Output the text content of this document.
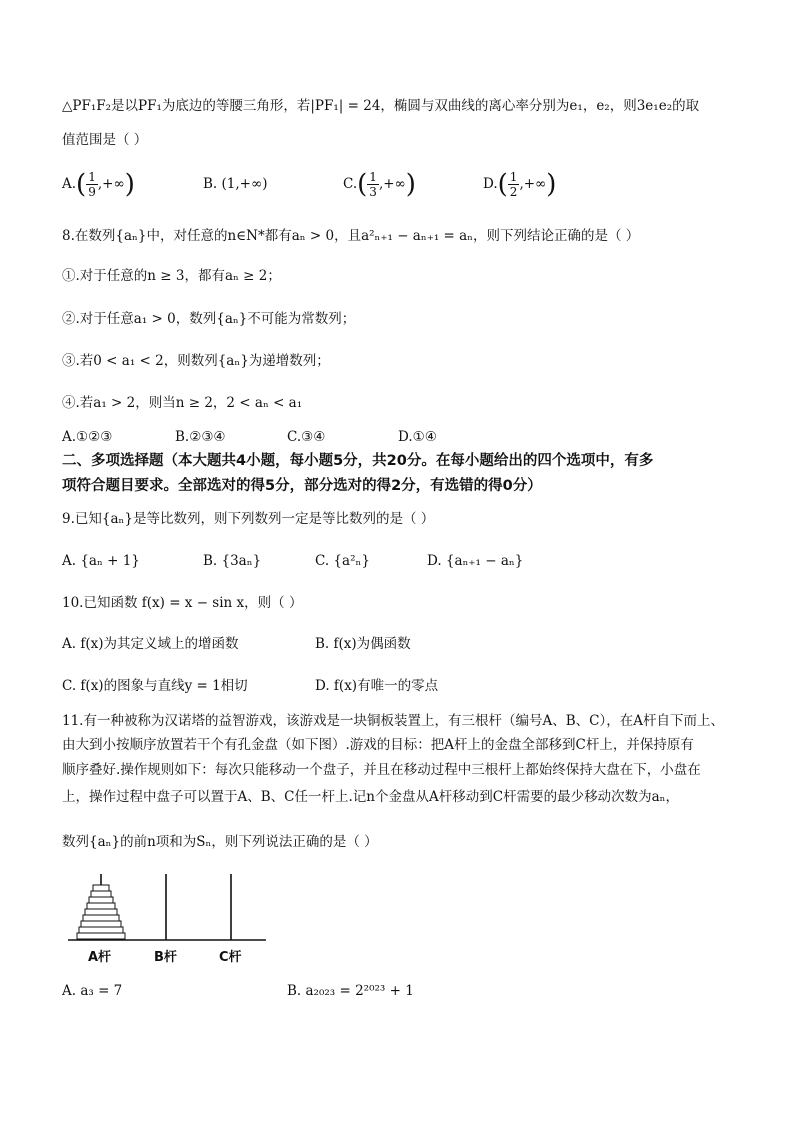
△PF₁F₂是以PF₁为底边的等腰三角形，若|PF₁| = 24，椭圆与双曲线的离心率分别为e₁，e₂，则3e₁e₂的取
值范围是（ ）
$A.( \frac{1}{9}$ ,+∞)	B. (1,+∞)	$C.( \frac{1}{3}$ ,+∞)	$D.( \frac{1}{2}$ ,+∞)
8.在数列{aₙ}中，对任意的n∈N*都有aₙ > 0，且a²ₙ₊₁ − aₙ₊₁ = aₙ，则下列结论正确的是（ ）
①.对于任意的n ≥ 3，都有aₙ ≥ 2；
②.对于任意a₁ > 0，数列{aₙ}不可能为常数列；
③.若0 < a₁ < 2，则数列{aₙ}为递增数列；
④.若a₁ > 2，则当n ≥ 2，2 < aₙ < a₁
A.①②③	B.②③④	C.③④	D.①④
二、多项选择题（本大题共4小题，每小题5分，共20分。在每小题给出的四个选项中，有多
项符合题目要求。全部选对的得5分，部分选对的得2分，有选错的得0分）
9.已知{aₙ}是等比数列，则下列数列一定是等比数列的是（ ）
A. {aₙ + 1}	B. {3aₙ}	C. {a²ₙ}	D. {aₙ₊₁ − aₙ}
10.已知函数 f(x) = x − sin x，则（ ）
A. f(x)为其定义域上的增函数	B. f(x)为偶函数
C. f(x)的图象与直线y = 1相切	D. f(x)有唯一的零点
11.有一种被称为汉诺塔的益智游戏，该游戏是一块铜板装置上，有三根杆（编号A、B、C），在A杆自下而上、
由大到小按顺序放置若干个有孔金盘（如下图）.游戏的目标：把A杆上的金盘全部移到C杆上，并保持原有
顺序叠好.操作规则如下：每次只能移动一个盘子，并且在移动过程中三根杆上都始终保持大盘在下，小盘在
上，操作过程中盘子可以置于A、B、C任一杆上.记n个金盘从A杆移动到C杆需要的最少移动次数为aₙ，
数列{aₙ}的前n项和为Sₙ，则下列说法正确的是（ ）
A杆	B杆	C杆
A. a₃ = 7	B. a₂₀₂₃ = 2²⁰²³ + 1
